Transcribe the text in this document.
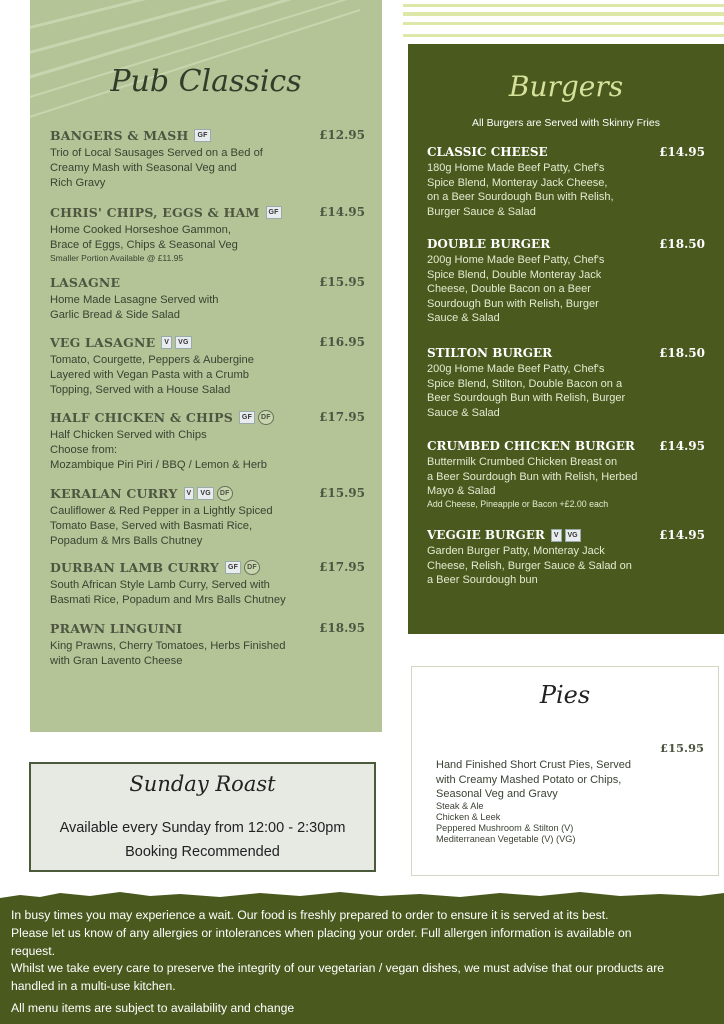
Pub Classics
BANGERS & MASH	GF	£12.95
Trio of Local Sausages Served on a Bed of
Creamy Mash with Seasonal Veg and
Rich Gravy
CHRIS' CHIPS, EGGS & HAM	GF	£14.95
Home Cooked Horseshoe Gammon,
Brace of Eggs, Chips & Seasonal Veg
Smaller Portion Available @ £11.95
LASAGNE	£15.95
Home Made Lasagne Served with
Garlic Bread & Side Salad
VEG LASAGNE	V	VG	£16.95
Tomato, Courgette, Peppers & Aubergine
Layered with Vegan Pasta with a Crumb
Topping, Served with a House Salad
HALF CHICKEN & CHIPS	GF	DF	£17.95
Half Chicken Served with Chips
Choose from:
Mozambique Piri Piri / BBQ / Lemon & Herb
KERALAN CURRY	V	VG	DF	£15.95
Cauliflower & Red Pepper in a Lightly Spiced
Tomato Base, Served with Basmati Rice,
Popadum & Mrs Balls Chutney
DURBAN LAMB CURRY	GF	DF	£17.95
South African Style Lamb Curry, Served with
Basmati Rice, Popadum and Mrs Balls Chutney
PRAWN LINGUINI	£18.95
King Prawns, Cherry Tomatoes, Herbs Finished
with Gran Lavento Cheese
Burgers
All Burgers are Served with Skinny Fries
CLASSIC CHEESE	£14.95
180g Home Made Beef Patty, Chef's
Spice Blend, Monteray Jack Cheese,
on a Beer Sourdough Bun with Relish,
Burger Sauce & Salad
DOUBLE BURGER	£18.50
200g Home Made Beef Patty, Chef's
Spice Blend, Double Monteray Jack
Cheese, Double Bacon on a Beer
Sourdough Bun with Relish, Burger
Sauce & Salad
STILTON BURGER	£18.50
200g Home Made Beef Patty, Chef's
Spice Blend, Stilton, Double Bacon on a
Beer Sourdough Bun with Relish, Burger
Sauce & Salad
CRUMBED CHICKEN BURGER £14.95
Buttermilk Crumbed Chicken Breast on
a Beer Sourdough Bun with Relish, Herbed
Mayo & Salad
Add Cheese, Pineapple or Bacon +£2.00 each
VEGGIE BURGER	V	VG	£14.95
Garden Burger Patty, Monteray Jack
Cheese, Relish, Burger Sauce & Salad on
a Beer Sourdough bun
Pies
£15.95
Hand Finished Short Crust Pies, Served
with Creamy Mashed Potato or Chips,
Seasonal Veg and Gravy
Steak & Ale
Chicken & Leek
Peppered Mushroom & Stilton (V)
Mediterranean Vegetable (V) (VG)
Sunday Roast
Available every Sunday from 12:00 - 2:30pm
Booking Recommended
In busy times you may experience a wait. Our food is freshly prepared to order to ensure it is served at its best.
Please let us know of any allergies or intolerances when placing your order. Full allergen information is available on
request.
Whilst we take every care to preserve the integrity of our vegetarian / vegan dishes, we must advise that our products are
handled in a multi-use kitchen.
All menu items are subject to availability and change
